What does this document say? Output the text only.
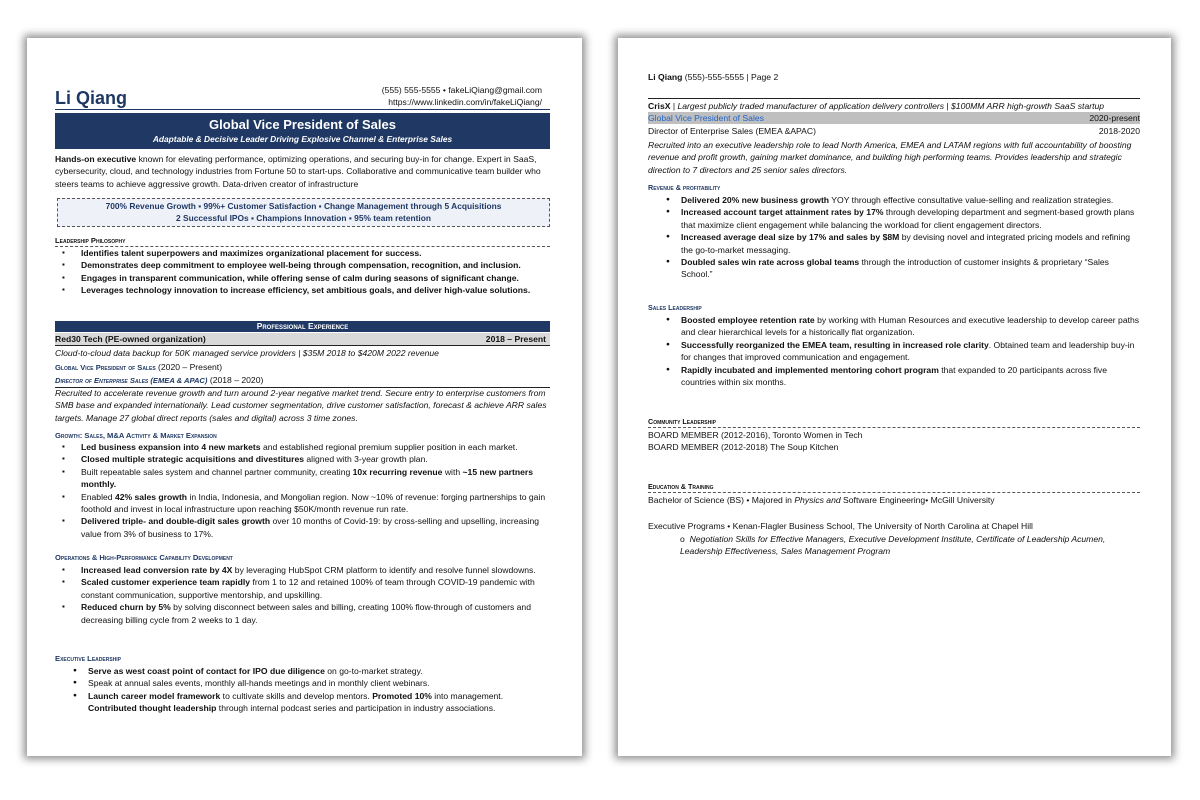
Li Qiang	(555) 555-5555 • fakeLiQiang@gmail.com
https://www.linkedin.com/in/fakeLiQiang/
Global Vice President of Sales
Adaptable & Decisive Leader Driving Explosive Channel & Enterprise Sales
Hands-on executive known for elevating performance, optimizing operations, and securing buy-in for change. Expert in SaaS, cybersecurity, cloud, and technology industries from Fortune 50 to start-ups. Collaborative and communicative team builder who steers teams to achieve aggressive growth. Data-driven creator of infrastructure
700% Revenue Growth ▪ 99%+ Customer Satisfaction ▪ Change Management through 5 Acquisitions
2 Successful IPOs ▪ Champions Innovation ▪ 95% team retention
Leadership Philosophy
▪ Identifies talent superpowers and maximizes organizational placement for success.
▪ Demonstrates deep commitment to employee well-being through compensation, recognition, and inclusion.
▪ Engages in transparent communication, while offering sense of calm during seasons of significant change.
▪ Leverages technology innovation to increase efficiency, set ambitious goals, and deliver high-value solutions.
Professional Experience
Red30 Tech (PE-owned organization)	2018 – Present
Cloud-to-cloud data backup for 50K managed service providers | $35M 2018 to $420M 2022 revenue
Global Vice President of Sales (2020 – Present)
Director of Enterprise Sales (EMEA & APAC) (2018 – 2020)
Recruited to accelerate revenue growth and turn around 2-year negative market trend. Secure entry to enterprise customers from SMB base and expanded internationally. Lead customer segmentation, drive customer satisfaction, forecast & achieve ARR sales targets. Manage 27 global direct reports (sales and digital) across 3 time zones.
Growth: Sales, M&A Activity & Market Expansion
▪ Led business expansion into 4 new markets and established regional premium supplier position in each market.
▪ Closed multiple strategic acquisitions and divestitures aligned with 3-year growth plan.
▪ Built repeatable sales system and channel partner community, creating 10x recurring revenue with ~15 new partners monthly.
▪ Enabled 42% sales growth in India, Indonesia, and Mongolian region. Now ~10% of revenue: forging partnerships to gain foothold and invest in local infrastructure upon reaching $50K/month revenue run rate.
▪ Delivered triple- and double-digit sales growth over 10 months of Covid-19: by cross-selling and upselling, increasing value from 3% of business to 17%.
Operations & High-Performance Capability Development
▪ Increased lead conversion rate by 4X by leveraging HubSpot CRM platform to identify and resolve funnel slowdowns.
▪ Scaled customer experience team rapidly from 1 to 12 and retained 100% of team through COVID-19 pandemic with constant communication, supportive mentorship, and upskilling.
▪ Reduced churn by 5% by solving disconnect between sales and billing, creating 100% flow-through of customers and decreasing billing cycle from 2 weeks to 1 day.
Executive Leadership
● Serve as west coast point of contact for IPO due diligence on go-to-market strategy.
● Speak at annual sales events, monthly all-hands meetings and in monthly client webinars.
● Launch career model framework to cultivate skills and develop mentors. Promoted 10% into management. Contributed thought leadership through internal podcast series and participation in industry associations.
Li Qiang (555)-555-5555 | Page 2
CrisX | Largest publicly traded manufacturer of application delivery controllers | $100MM ARR high-growth SaaS startup
Global Vice President of Sales	2020-present
Director of Enterprise Sales (EMEA &APAC)	2018-2020
Recruited into an executive leadership role to lead North America, EMEA and LATAM regions with full accountability of boosting revenue and profit growth, gaining market dominance, and building high performing teams. Provides leadership and strategic direction to 7 directors and 25 senior sales directors.
Revenue & profitability
● Delivered 20% new business growth YOY through effective consultative value-selling and realization strategies.
● Increased account target attainment rates by 17% through developing department and segment-based growth plans that maximize client engagement while balancing the workload for client engagement directors.
● Increased average deal size by 17% and sales by $8M by devising novel and integrated pricing models and refining the go-to-market messaging.
● Doubled sales win rate across global teams through the introduction of customer insights & proprietary “Sales School.”
Sales Leadership
● Boosted employee retention rate by working with Human Resources and executive leadership to develop career paths and clear hierarchical levels for a historically flat organization.
● Successfully reorganized the EMEA team, resulting in increased role clarity. Obtained team and leadership buy-in for changes that improved communication and engagement.
● Rapidly incubated and implemented mentoring cohort program that expanded to 20 participants across five countries within six months.
Community Leadership
BOARD MEMBER (2012-2016), Toronto Women in Tech
BOARD MEMBER (2012-2018) The Soup Kitchen
Education & Training
Bachelor of Science (BS) • Majored in Physics and Software Engineering• McGill University
Executive Programs • Kenan-Flagler Business School, The University of North Carolina at Chapel Hill
o  Negotiation Skills for Effective Managers, Executive Development Institute, Certificate of Leadership Acumen, Leadership Effectiveness, Sales Management Program
